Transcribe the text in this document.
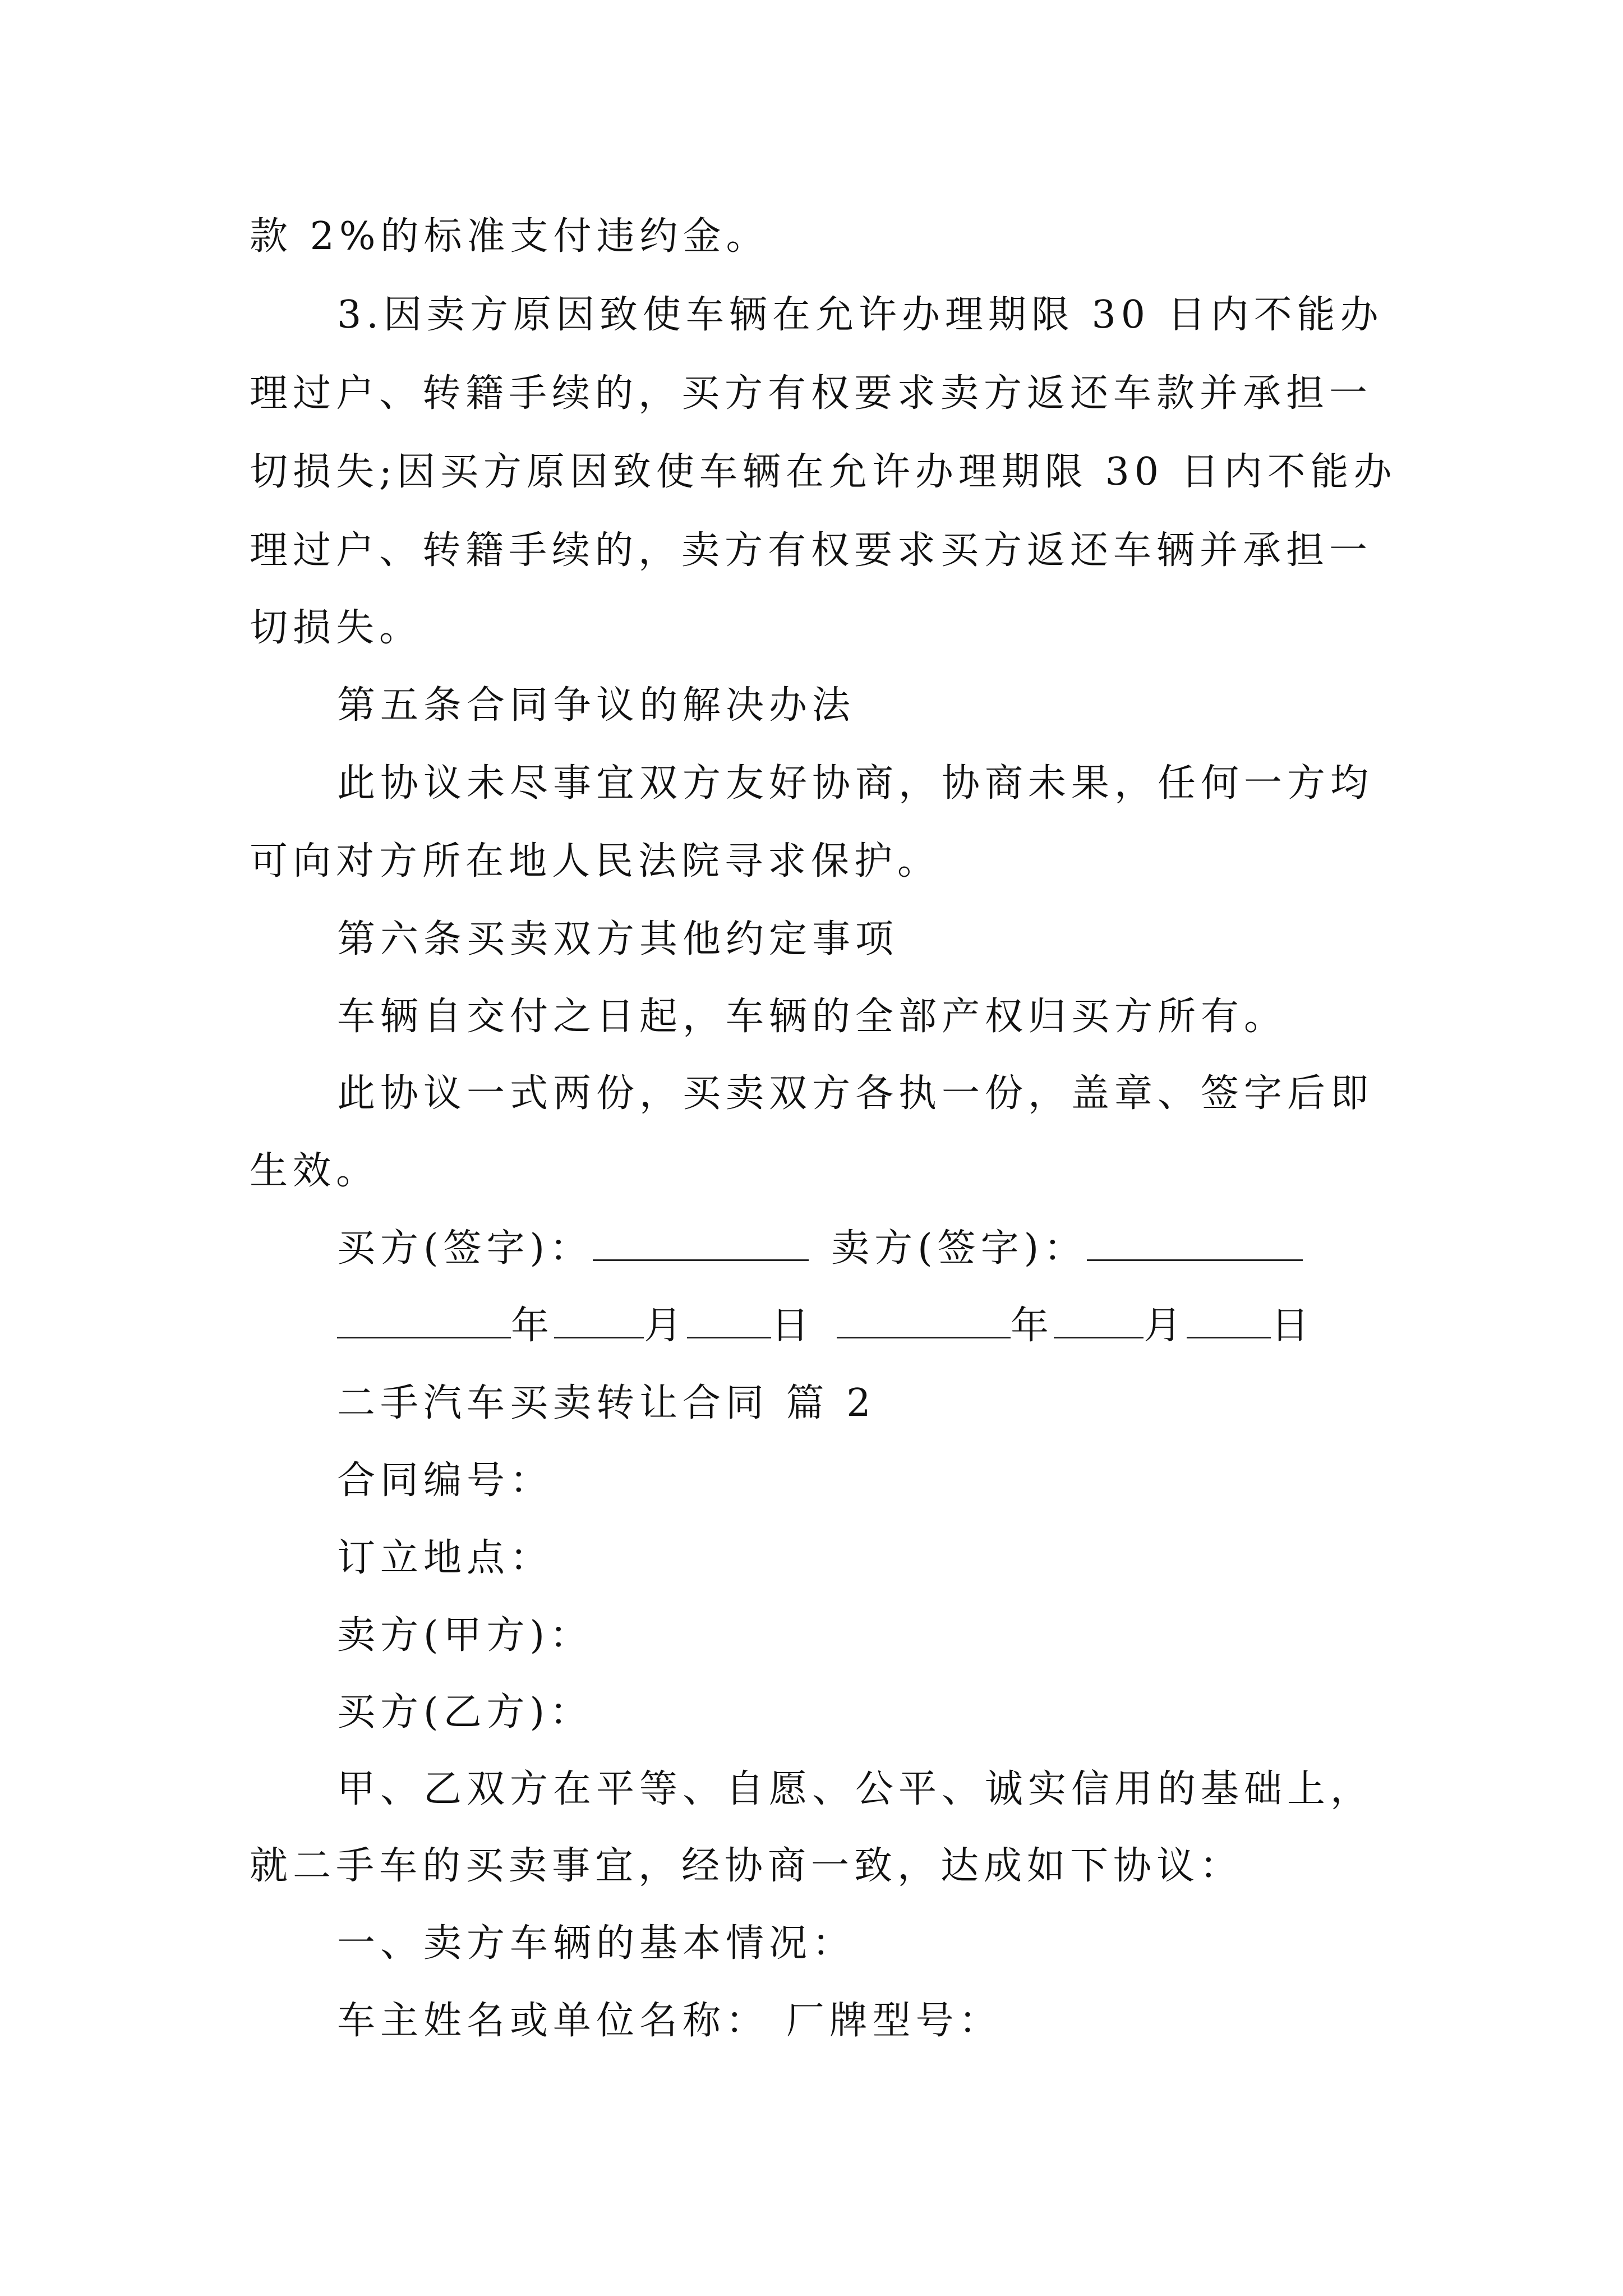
款 2%的标准支付违约金。
3.因卖方原因致使车辆在允许办理期限 30 日内不能办
理过户、转籍手续的，买方有权要求卖方返还车款并承担一
切损失;因买方原因致使车辆在允许办理期限 30 日内不能办
理过户、转籍手续的，卖方有权要求买方返还车辆并承担一
切损失。
第五条合同争议的解决办法
此协议未尽事宜双方友好协商，协商未果，任何一方均
可向对方所在地人民法院寻求保护。
第六条买卖双方其他约定事项
车辆自交付之日起，车辆的全部产权归买方所有。
此协议一式两份，买卖双方各执一份，盖章、签字后即
生效。
买方(签字)：	卖方(签字)：
年 月 日	年 月 日
二手汽车买卖转让合同 篇 2
合同编号：
订立地点：
卖方(甲方)：
买方(乙方)：
甲、乙双方在平等、自愿、公平、诚实信用的基础上，
就二手车的买卖事宜，经协商一致，达成如下协议：
一、卖方车辆的基本情况：
车主姓名或单位名称： 厂牌型号：
